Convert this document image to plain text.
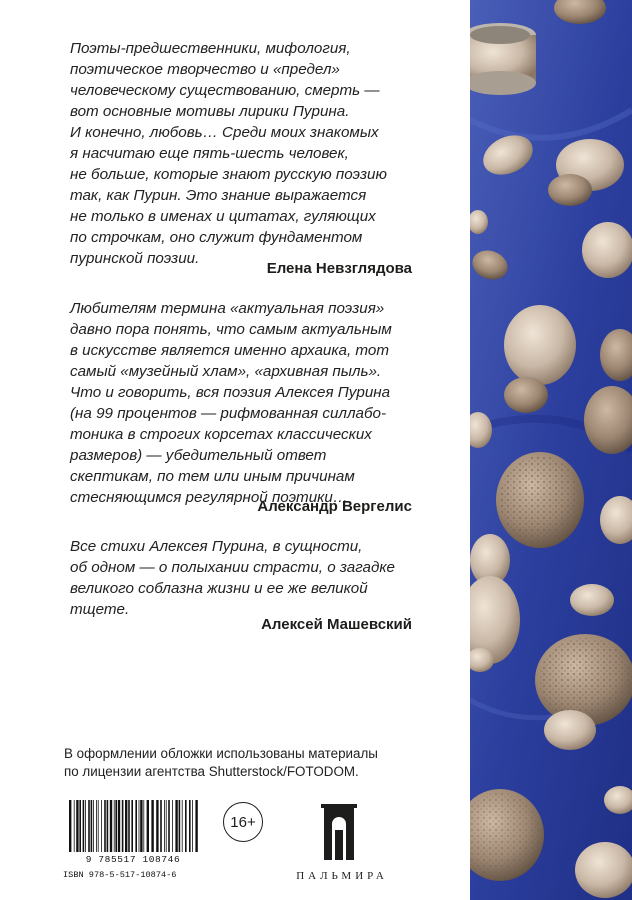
Поэты-предшественники, мифология,
поэтическое творчество и «предел»
человеческому существованию, смерть —
вот основные мотивы лирики Пурина.
И конечно, любовь… Среди моих знакомых
я насчитаю еще пять-шесть человек,
не больше, которые знают русскую поэзию
так, как Пурин. Это знание выражается
не только в именах и цитатах, гуляющих
по строчкам, оно служит фундаментом
пуринской поэзии.
Елена Невзглядова
Любителям термина «актуальная поэзия»
давно пора понять, что самым актуальным
в искусстве является именно архаика, тот
самый «музейный хлам», «архивная пыль».
Что и говорить, вся поэзия Алексея Пурина
(на 99 процентов — рифмованная силлабо-
тоника в строгих корсетах классических
размеров) — убедительный ответ
скептикам, по тем или иным причинам
стесняющимся регулярной поэтики…
Александр Вергелис
Все стихи Алексея Пурина, в сущности,
об одном — о полыхании страсти, о загадке
великого соблазна жизни и ее же великой
тщете.
Алексей Машевский
В оформлении обложки использованы материалы
по лицензии агентства Shutterstock/FOTODOM.
9 785517 108746
ISBN 978-5-517-10874-6
16+
ПАЛЬМИРА
